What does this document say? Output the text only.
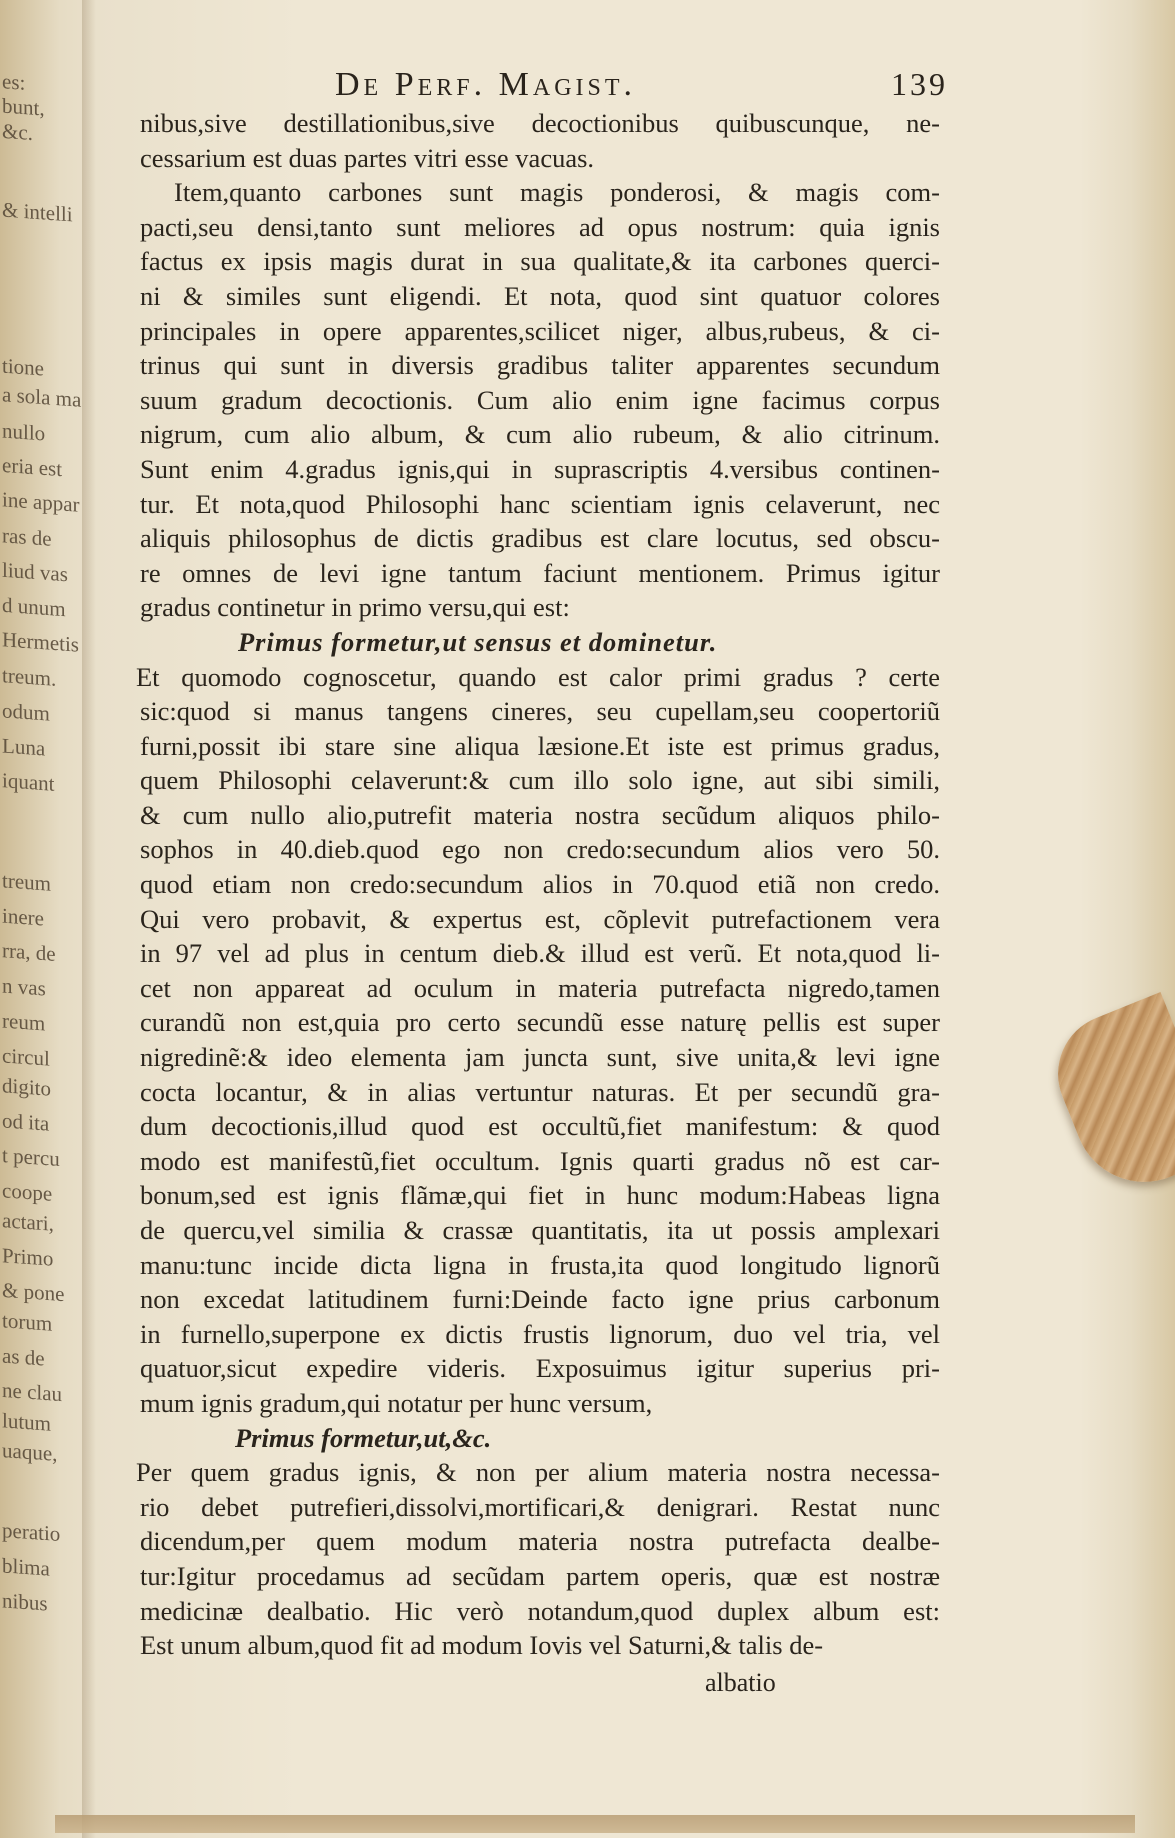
es:
bunt,
&c.
& intelli
tione
a sola ma
nullo
eria est
ine appar
ras de
liud vas
d unum
Hermetis
treum.
odum
Luna
iquant
treum
inere
rra, de
n vas
reum
circul
digito
od ita
t percu
coope
actari,
Primo
& pone
torum
as de
ne clau
lutum
uaque,
peratio
blima
nibus
De Perf. Magist.	139
nibus,sive destillationibus,sive decoctionibus quibuscunque, ne-
cessarium est duas partes vitri esse vacuas.
Item,quanto carbones sunt magis ponderosi, & magis com-
pacti,seu densi,tanto sunt meliores ad opus nostrum: quia ignis
factus ex ipsis magis durat in sua qualitate,& ita carbones querci-
ni & similes sunt eligendi. Et nota, quod sint quatuor colores
principales in opere apparentes,scilicet niger, albus,rubeus, & ci-
trinus qui sunt in diversis gradibus taliter apparentes secundum
suum gradum decoctionis. Cum alio enim igne facimus corpus
nigrum, cum alio album, & cum alio rubeum, & alio citrinum.
Sunt enim 4.gradus ignis,qui in suprascriptis 4.versibus continen-
tur. Et nota,quod Philosophi hanc scientiam ignis celaverunt, nec
aliquis philosophus de dictis gradibus est clare locutus, sed obscu-
re omnes de levi igne tantum faciunt mentionem. Primus igitur
gradus continetur in primo versu,qui est:
Primus formetur,ut sensus et dominetur.
Et quomodo cognoscetur, quando est calor primi gradus ? certe
sic:quod si manus tangens cineres, seu cupellam,seu coopertoriũ
furni,possit ibi stare sine aliqua læsione.Et iste est primus gradus,
quem Philosophi celaverunt:& cum illo solo igne, aut sibi simili,
& cum nullo alio,putrefit materia nostra secũdum aliquos philo-
sophos in 40.dieb.quod ego non credo:secundum alios vero 50.
quod etiam non credo:secundum alios in 70.quod etiã non credo.
Qui vero probavit, & expertus est, cõplevit putrefactionem vera
in 97 vel ad plus in centum dieb.& illud est verũ. Et nota,quod li-
cet non appareat ad oculum in materia putrefacta nigredo,tamen
curandũ non est,quia pro certo secundũ esse naturę pellis est super
nigredinẽ:& ideo elementa jam juncta sunt, sive unita,& levi igne
cocta locantur, & in alias vertuntur naturas. Et per secundũ gra-
dum decoctionis,illud quod est occultũ,fiet manifestum: & quod
modo est manifestũ,fiet occultum. Ignis quarti gradus nõ est car-
bonum,sed est ignis flãmæ,qui fiet in hunc modum:Habeas ligna
de quercu,vel similia & crassæ quantitatis, ita ut possis amplexari
manu:tunc incide dicta ligna in frusta,ita quod longitudo lignorũ
non excedat latitudinem furni:Deinde facto igne prius carbonum
in furnello,superpone ex dictis frustis lignorum, duo vel tria, vel
quatuor,sicut expedire videris. Exposuimus igitur superius pri-
mum ignis gradum,qui notatur per hunc versum,
Primus formetur,ut,&c.
Per quem gradus ignis, & non per alium materia nostra necessa-
rio debet putrefieri,dissolvi,mortificari,& denigrari. Restat nunc
dicendum,per quem modum materia nostra putrefacta dealbe-
tur:Igitur procedamus ad secũdam partem operis, quæ est nostræ
medicinæ dealbatio. Hic verò notandum,quod duplex album est:
Est unum album,quod fit ad modum Iovis vel Saturni,& talis de-
albatio
